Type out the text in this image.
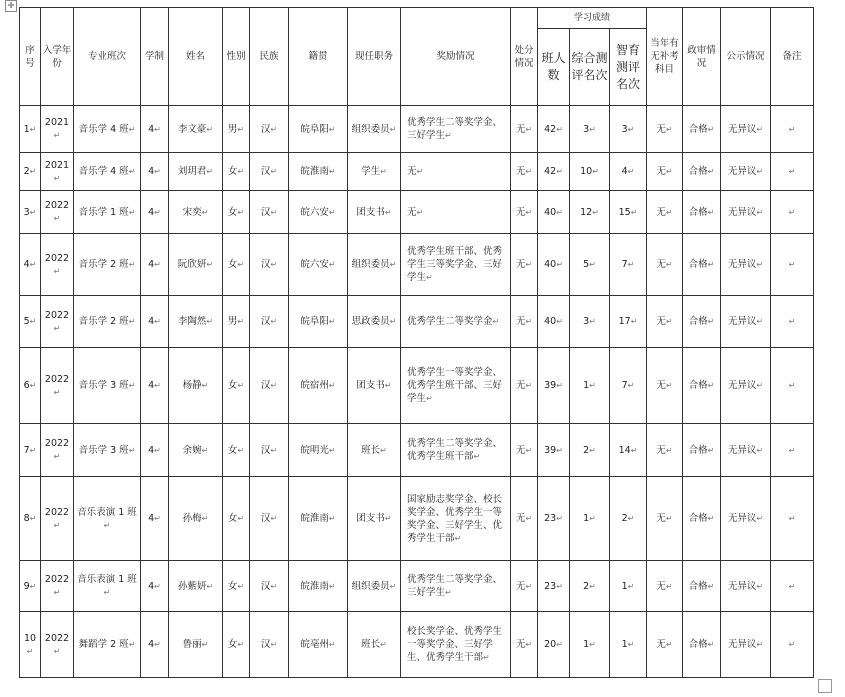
✛
序号	入学年份	专业班次	学制	姓名	性别	民族	籍贯	现任职务	奖励情况	处分情况	学习成绩			当年有无补考科目	政审情况	公示情况	备注
											班人数	综合测评名次	智育测评名次				
1↵	2021↵	音乐学 4 班↵	4↵	李文豪↵	男↵	汉↵	皖阜阳↵	组织委员↵	优秀学生二等奖学金、三好学生↵	无↵	42↵	3↵	3↵	无↵	合格↵	无异议↵	↵
2↵	2021↵	音乐学 4 班↵	4↵	刘玥君↵	女↵	汉↵	皖淮南↵	学生↵	无↵	无↵	42↵	10↵	4↵	无↵	合格↵	无异议↵	↵
3↵	2022↵	音乐学 1 班↵	4↵	宋奕↵	女↵	汉↵	皖六安↵	团支书↵	无↵	无↵	40↵	12↵	15↵	无↵	合格↵	无异议↵	↵
4↵	2022↵	音乐学 2 班↵	4↵	阮欣妍↵	女↵	汉↵	皖六安↵	组织委员↵	优秀学生班干部、优秀学生三等奖学金、三好学生↵	无↵	40↵	5↵	7↵	无↵	合格↵	无异议↵	↵
5↵	2022↵	音乐学 2 班↵	4↵	李陶然↵	男↵	汉↵	皖阜阳↵	思政委员↵	优秀学生二等奖学金↵	无↵	40↵	3↵	17↵	无↵	合格↵	无异议↵	↵
6↵	2022↵	音乐学 3 班↵	4↵	杨静↵	女↵	汉↵	皖宿州↵	团支书↵	优秀学生一等奖学金、优秀学生班干部、三好学生↵	无↵	39↵	1↵	7↵	无↵	合格↵	无异议↵	↵
7↵	2022↵	音乐学 3 班↵	4↵	余婉↵	女↵	汉↵	皖明光↵	班长↵	优秀学生二等奖学金、优秀学生班干部↵	无↵	39↵	2↵	14↵	无↵	合格↵	无异议↵	↵
8↵	2022↵	音乐表演 1 班↵	4↵	孙梅↵	女↵	汉↵	皖淮南↵	团支书↵	国家励志奖学金、校长奖学金、优秀学生一等奖学金、三好学生、优秀学生干部↵	无↵	23↵	1↵	2↵	无↵	合格↵	无异议↵	↵
9↵	2022↵	音乐表演 1 班↵	4↵	孙紫妍↵	女↵	汉↵	皖淮南↵	组织委员↵	优秀学生二等奖学金、三好学生↵	无↵	23↵	2↵	1↵	无↵	合格↵	无异议↵	↵
10↵	2022↵	舞蹈学 2 班↵	4↵	鲁丽↵	女↵	汉↵	皖亳州↵	班长↵	校长奖学金、优秀学生一等奖学金、三好学生、优秀学生干部↵	无↵	20↵	1↵	1↵	无↵	合格↵	无异议↵	↵
